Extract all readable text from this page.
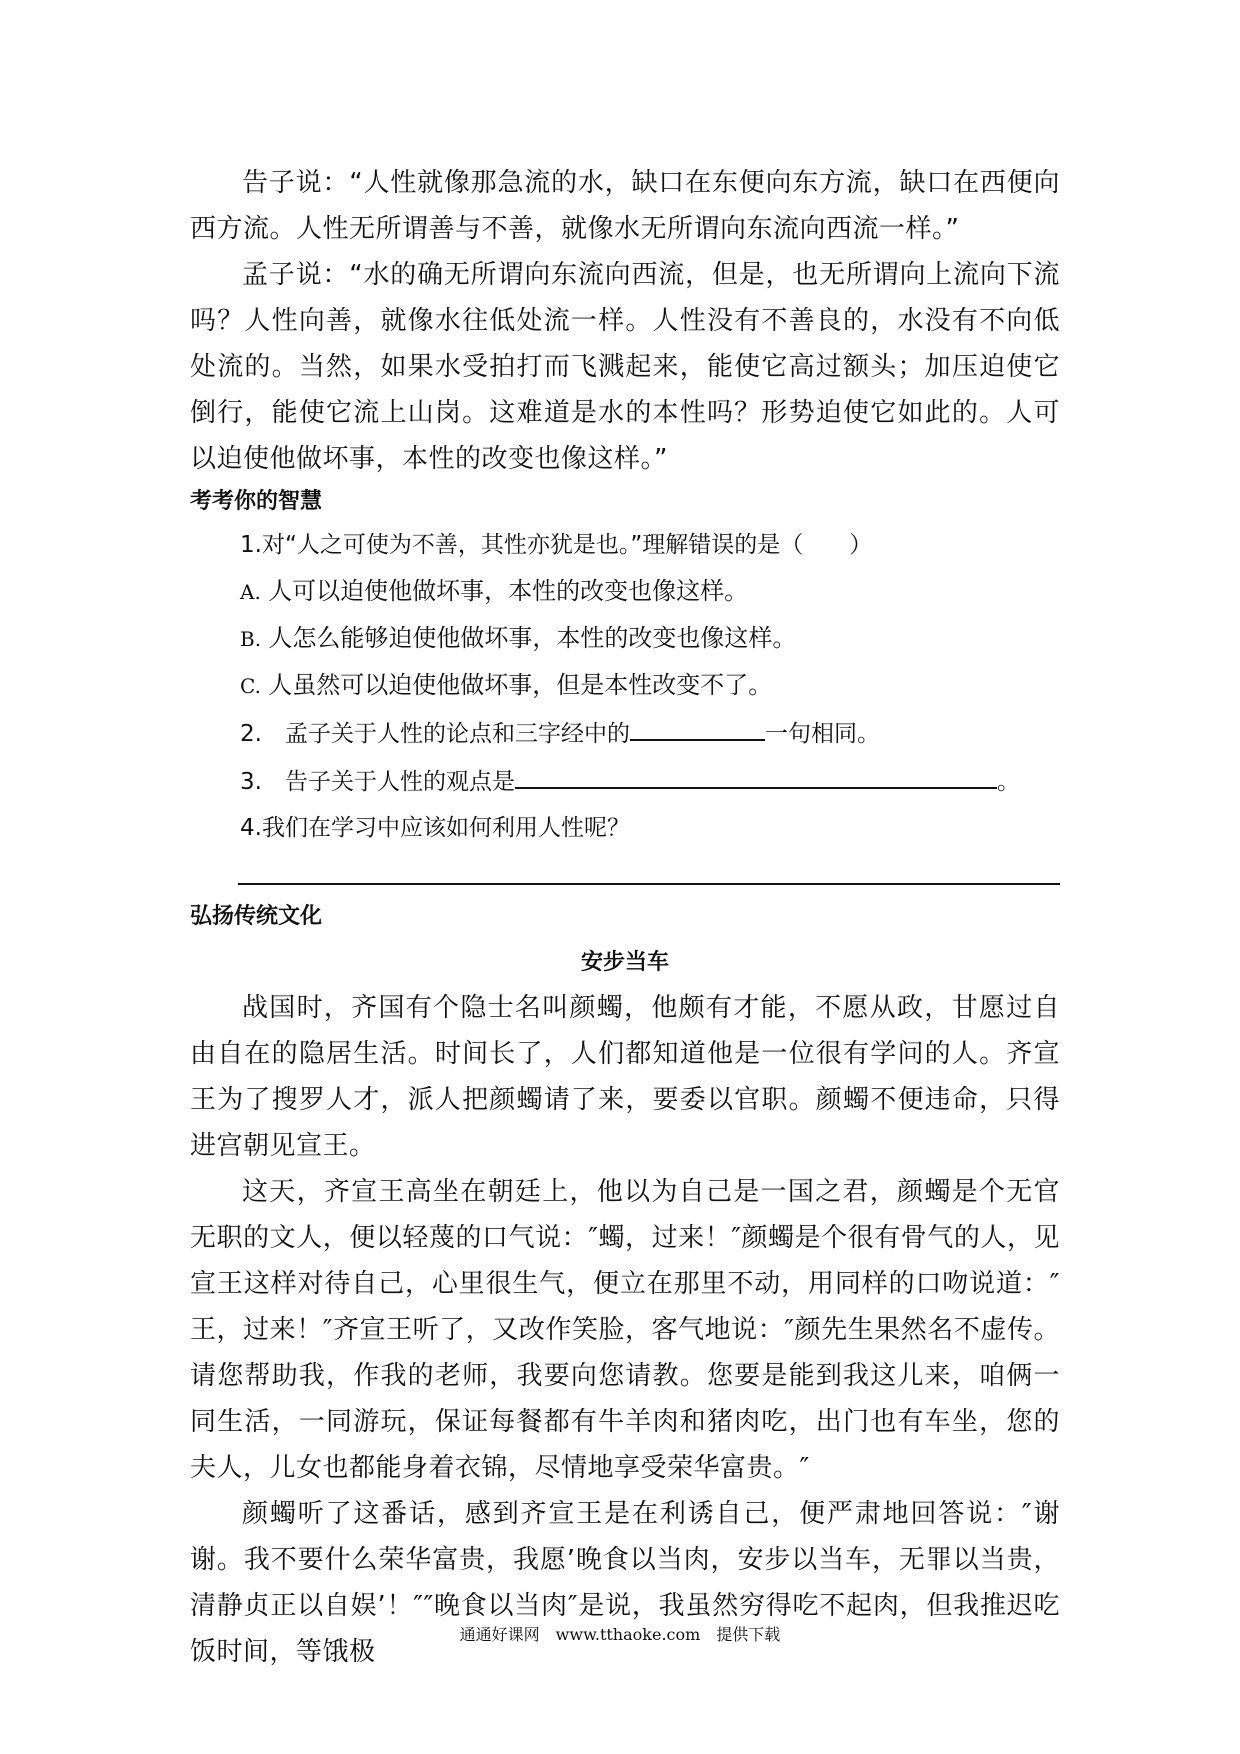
告子说：“人性就像那急流的水，缺口在东便向东方流，缺口在西便向西方流。人性无所谓善与不善，就像水无所谓向东流向西流一样。”

孟子说：“水的确无所谓向东流向西流，但是，也无所谓向上流向下流吗？人性向善，就像水往低处流一样。人性没有不善良的，水没有不向低处流的。当然，如果水受拍打而飞溅起来，能使它高过额头；加压迫使它倒行，能使它流上山岗。这难道是水的本性吗？形势迫使它如此的。人可以迫使他做坏事，本性的改变也像这样。”

考考你的智慧

1.对“人之可使为不善，其性亦犹是也。”理解错误的是（　　）

A. 人可以迫使他做坏事，本性的改变也像这样。

B. 人怎么能够迫使他做坏事，本性的改变也像这样。

C. 人虽然可以迫使他做坏事，但是本性改变不了。

2.　孟子关于人性的论点和三字经中的	一句相同。

3.　告子关于人性的观点是	。

4.我们在学习中应该如何利用人性呢？

弘扬传统文化

安步当车

战国时，齐国有个隐士名叫颜蠋，他颇有才能，不愿从政，甘愿过自由自在的隐居生活。时间长了，人们都知道他是一位很有学问的人。齐宣王为了搜罗人才，派人把颜蠋请了来，要委以官职。颜蠋不便违命，只得进宫朝见宣王。

这天，齐宣王高坐在朝廷上，他以为自己是一国之君，颜蠋是个无官无职的文人，便以轻蔑的口气说：″蠋，过来！″颜蠋是个很有骨气的人，见宣王这样对待自己，心里很生气，便立在那里不动，用同样的口吻说道：″王，过来！″齐宣王听了，又改作笑脸，客气地说：″颜先生果然名不虚传。请您帮助我，作我的老师，我要向您请教。您要是能到我这儿来，咱俩一同生活，一同游玩，保证每餐都有牛羊肉和猪肉吃，出门也有车坐，您的夫人，儿女也都能身着衣锦，尽情地享受荣华富贵。″

颜蠋听了这番话，感到齐宣王是在利诱自己，便严肃地回答说：″谢谢。我不要什么荣华富贵，我愿’晚食以当肉，安步以当车，无罪以当贵，清静贞正以自娱’！″″晚食以当肉″是说，我虽然穷得吃不起肉，但我推迟吃饭时间，等饿极

通通好课网　www.tthaoke.com　提供下载
